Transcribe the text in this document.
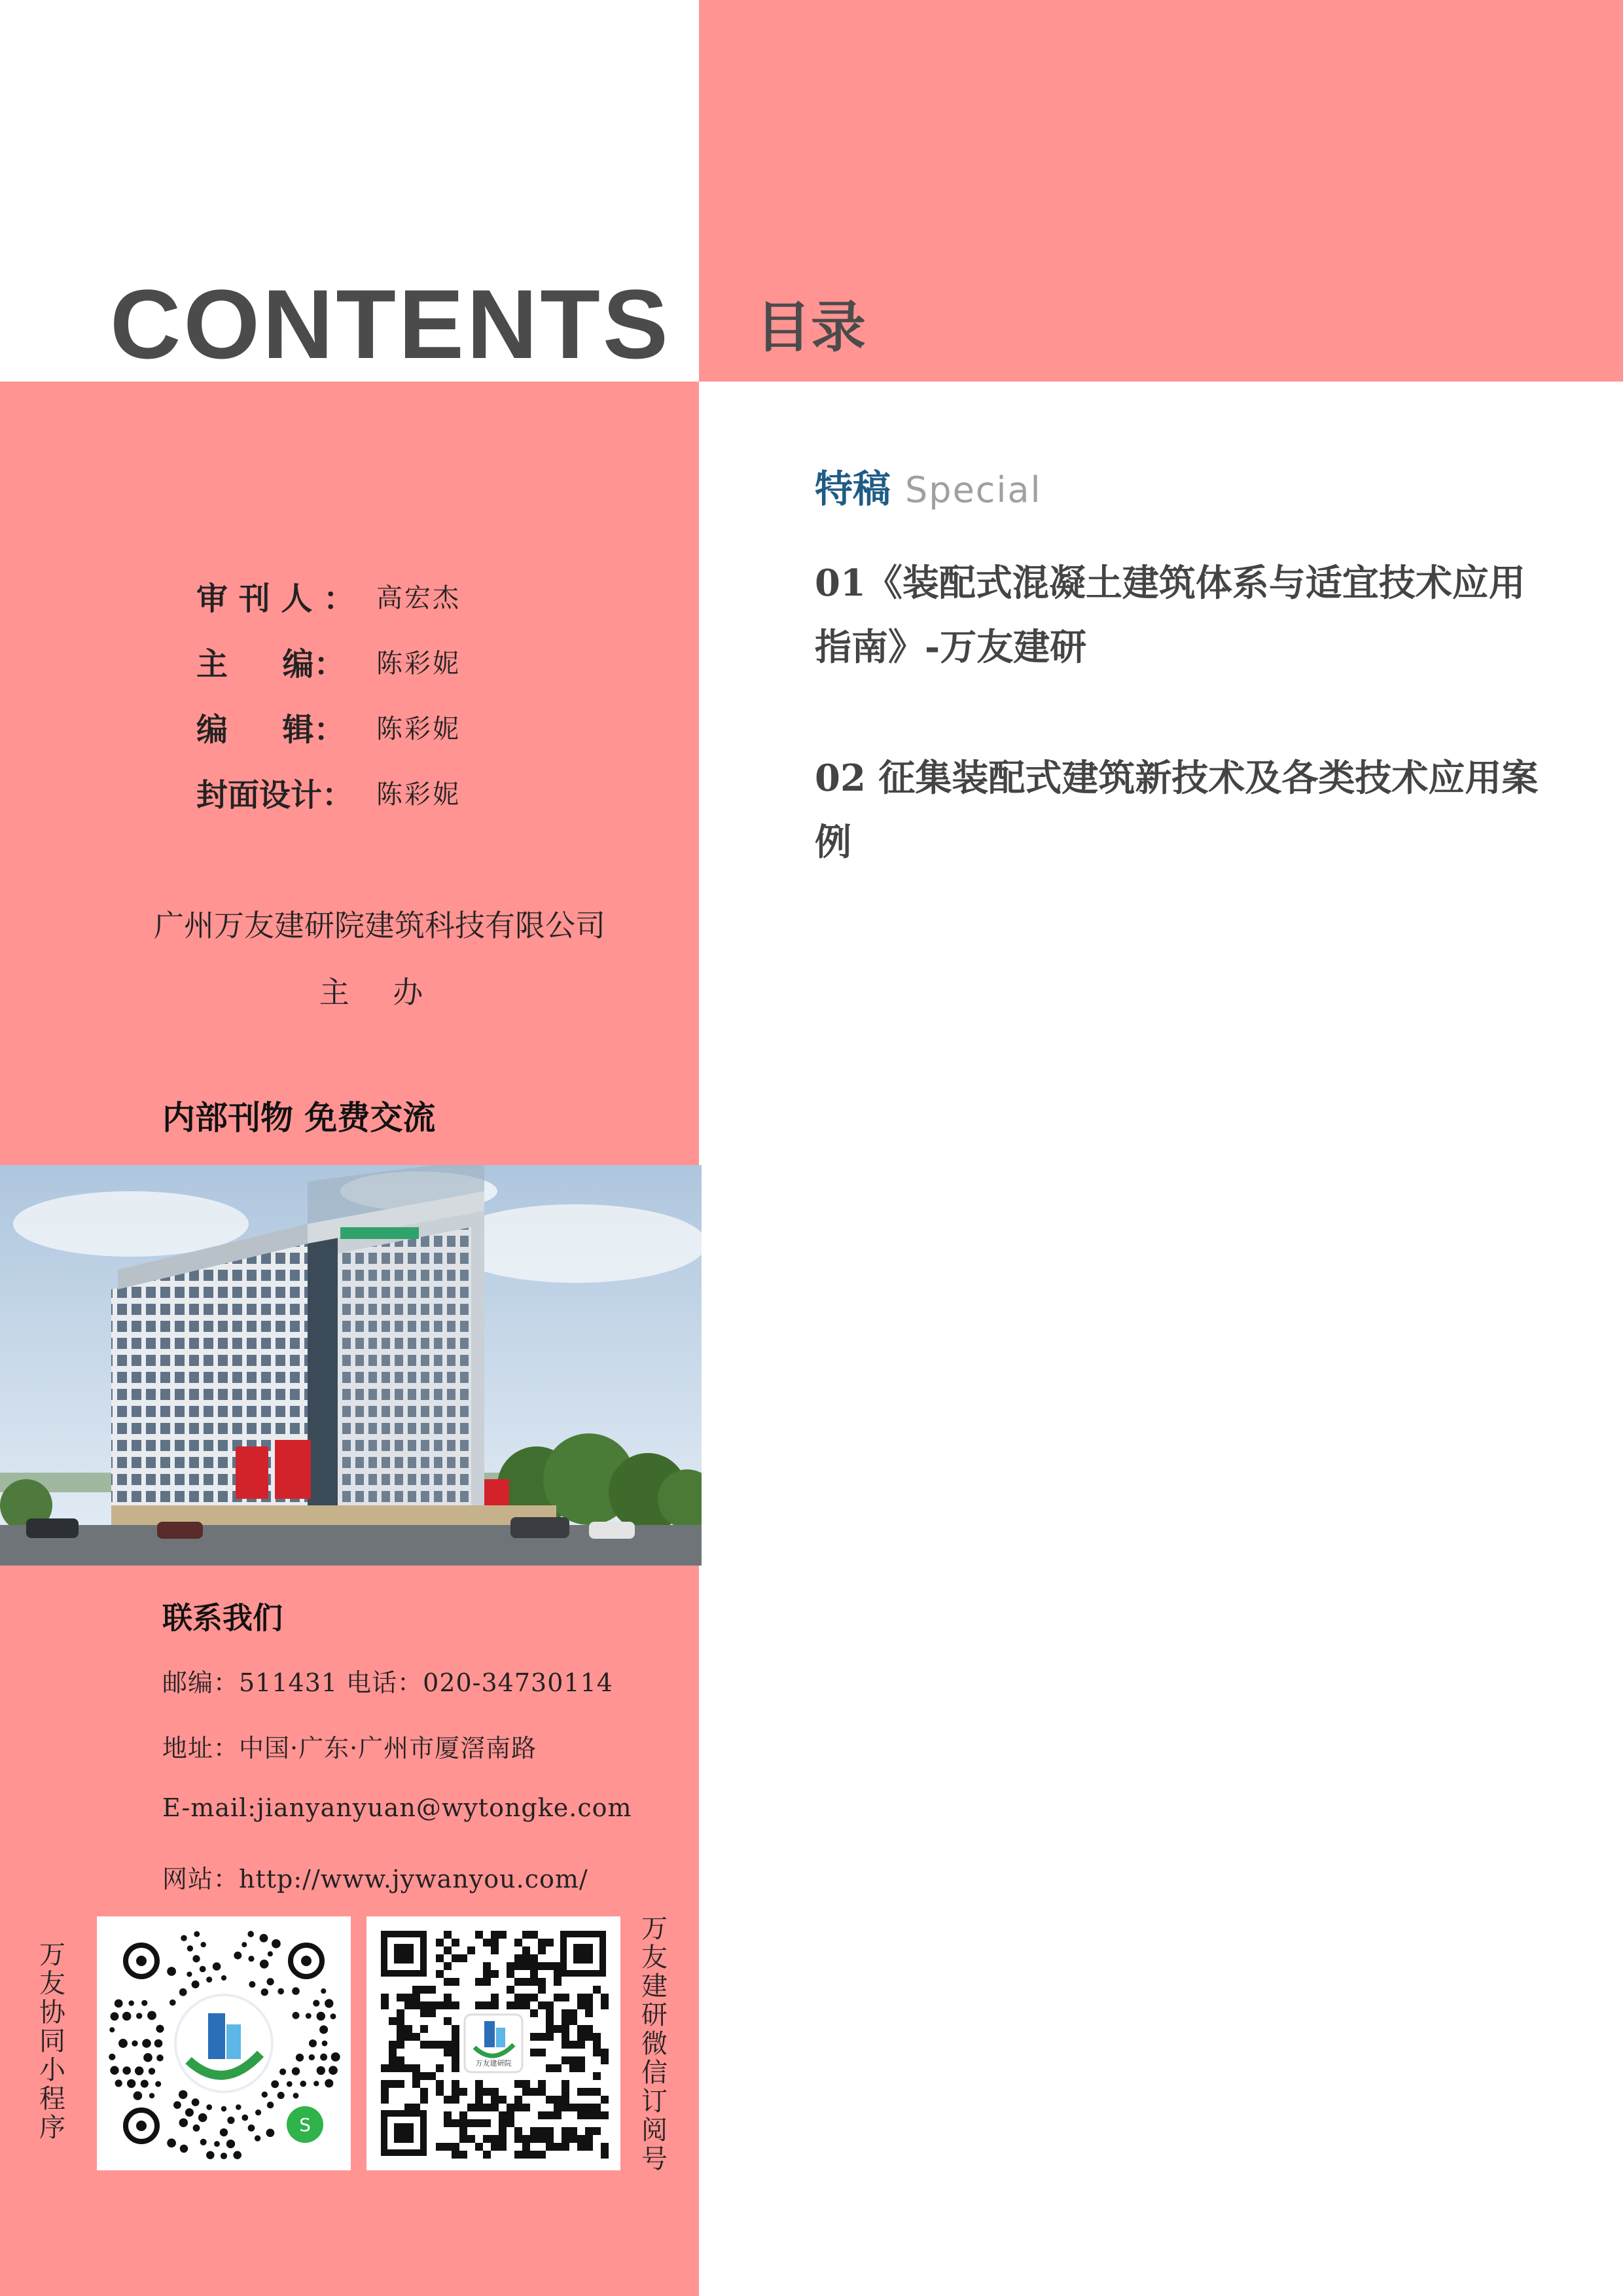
CONTENTS 目录
审 刊 人 ： 高宏杰
主     编：	陈彩妮
编     辑：	陈彩妮
封面设计： 陈彩妮
广州万友建研院建筑科技有限公司
主 办
内部刊物 免费交流
联系我们
邮编：511431 电话：020-34730114
地址：中国·广东·广州市厦滘南路
E-mail:jianyanyuan@wytongke.com
网站：http://www.jywanyou.com/
万友协同小程序	S
万友建研院
万友建研微信订阅号
特稿 Special
01《装配式混凝土建筑体系与适宜技术应用指南》-万友建研
02 征集装配式建筑新技术及各类技术应用案例
